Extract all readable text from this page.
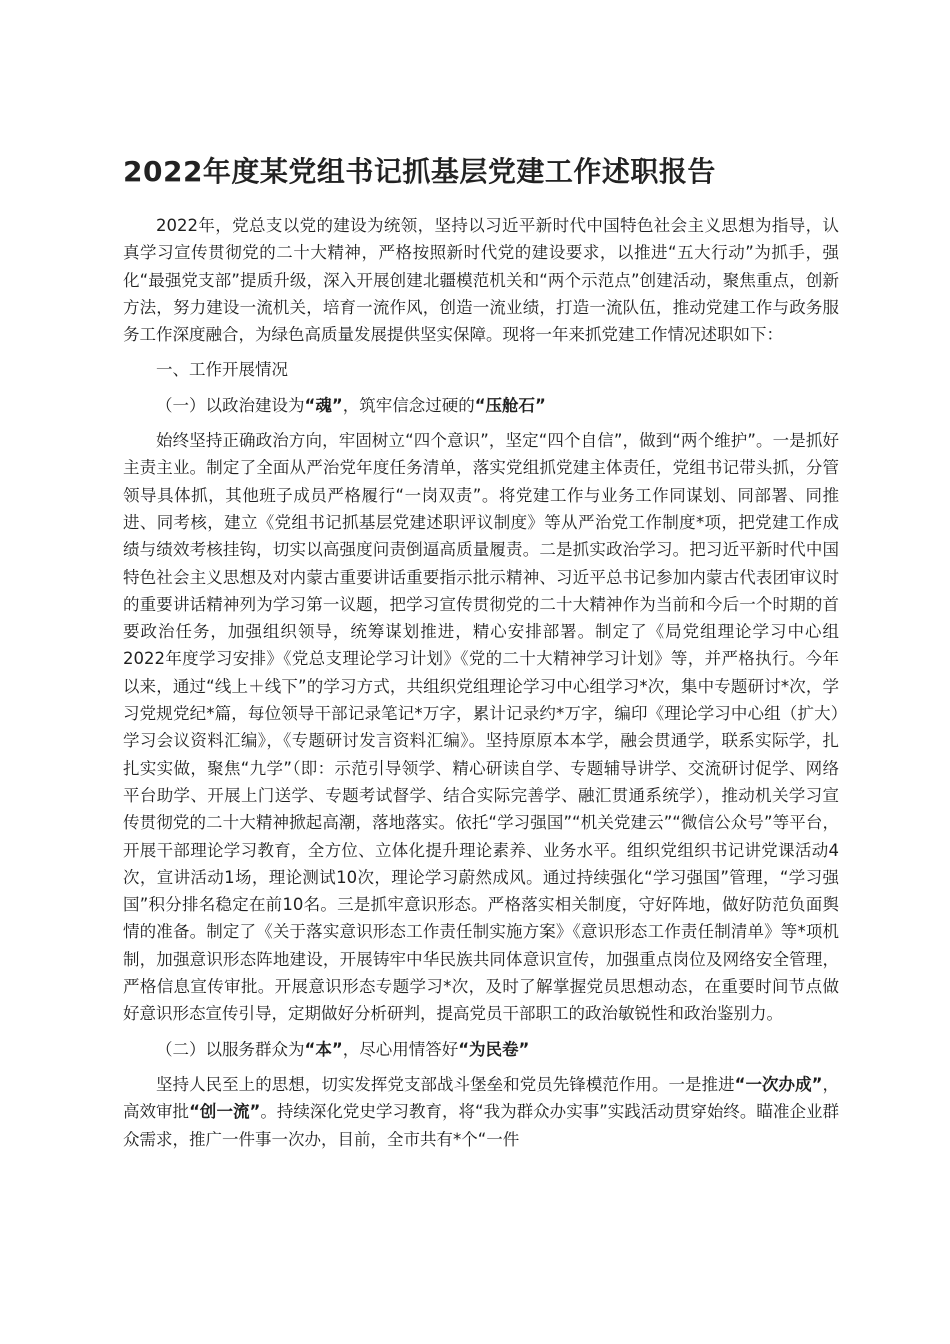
2022年度某党组书记抓基层党建工作述职报告

2022年，党总支以党的建设为统领，坚持以习近平新时代中国特色社会主义思想为指导，认真学习宣传贯彻党的二十大精神，严格按照新时代党的建设要求，以推进“五大行动”为抓手，强化“最强党支部”提质升级，深入开展创建北疆模范机关和“两个示范点”创建活动，聚焦重点，创新方法，努力建设一流机关，培育一流作风，创造一流业绩，打造一流队伍，推动党建工作与政务服务工作深度融合，为绿色高质量发展提供坚实保障。现将一年来抓党建工作情况述职如下：

一、工作开展情况

（一）以政治建设为“魂”，筑牢信念过硬的“压舱石”

始终坚持正确政治方向，牢固树立“四个意识”，坚定“四个自信”，做到“两个维护”。一是抓好主责主业。制定了全面从严治党年度任务清单，落实党组抓党建主体责任，党组书记带头抓，分管领导具体抓，其他班子成员严格履行“一岗双责”。将党建工作与业务工作同谋划、同部署、同推进、同考核，建立《党组书记抓基层党建述职评议制度》等从严治党工作制度*项，把党建工作成绩与绩效考核挂钩，切实以高强度问责倒逼高质量履责。二是抓实政治学习。把习近平新时代中国特色社会主义思想及对内蒙古重要讲话重要指示批示精神、习近平总书记参加内蒙古代表团审议时的重要讲话精神列为学习第一议题，把学习宣传贯彻党的二十大精神作为当前和今后一个时期的首要政治任务，加强组织领导，统筹谋划推进，精心安排部署。制定了《局党组理论学习中心组2022年度学习安排》《党总支理论学习计划》《党的二十大精神学习计划》等，并严格执行。今年以来，通过“线上＋线下”的学习方式，共组织党组理论学习中心组学习*次，集中专题研讨*次，学习党规党纪*篇，每位领导干部记录笔记*万字，累计记录约*万字，编印《理论学习中心组（扩大）学习会议资料汇编》，《专题研讨发言资料汇编》。坚持原原本本学，融会贯通学，联系实际学，扎扎实实做，聚焦“九学”（即：示范引导领学、精心研读自学、专题辅导讲学、交流研讨促学、网络平台助学、开展上门送学、专题考试督学、结合实际完善学、融汇贯通系统学），推动机关学习宣传贯彻党的二十大精神掀起高潮，落地落实。依托“学习强国”“机关党建云”“微信公众号”等平台，开展干部理论学习教育，全方位、立体化提升理论素养、业务水平。组织党组织书记讲党课活动4次，宣讲活动1场，理论测试10次，理论学习蔚然成风。通过持续强化“学习强国”管理，“学习强国”积分排名稳定在前10名。三是抓牢意识形态。严格落实相关制度，守好阵地，做好防范负面舆情的准备。制定了《关于落实意识形态工作责任制实施方案》《意识形态工作责任制清单》等*项机制，加强意识形态阵地建设，开展铸牢中华民族共同体意识宣传，加强重点岗位及网络安全管理，严格信息宣传审批。开展意识形态专题学习*次，及时了解掌握党员思想动态，在重要时间节点做好意识形态宣传引导，定期做好分析研判，提高党员干部职工的政治敏锐性和政治鉴别力。

（二）以服务群众为“本”，尽心用情答好“为民卷”

坚持人民至上的思想，切实发挥党支部战斗堡垒和党员先锋模范作用。一是推进“一次办成”，高效审批“创一流”。持续深化党史学习教育，将“我为群众办实事”实践活动贯穿始终。瞄准企业群众需求，推广一件事一次办，目前，全市共有*个“一件
